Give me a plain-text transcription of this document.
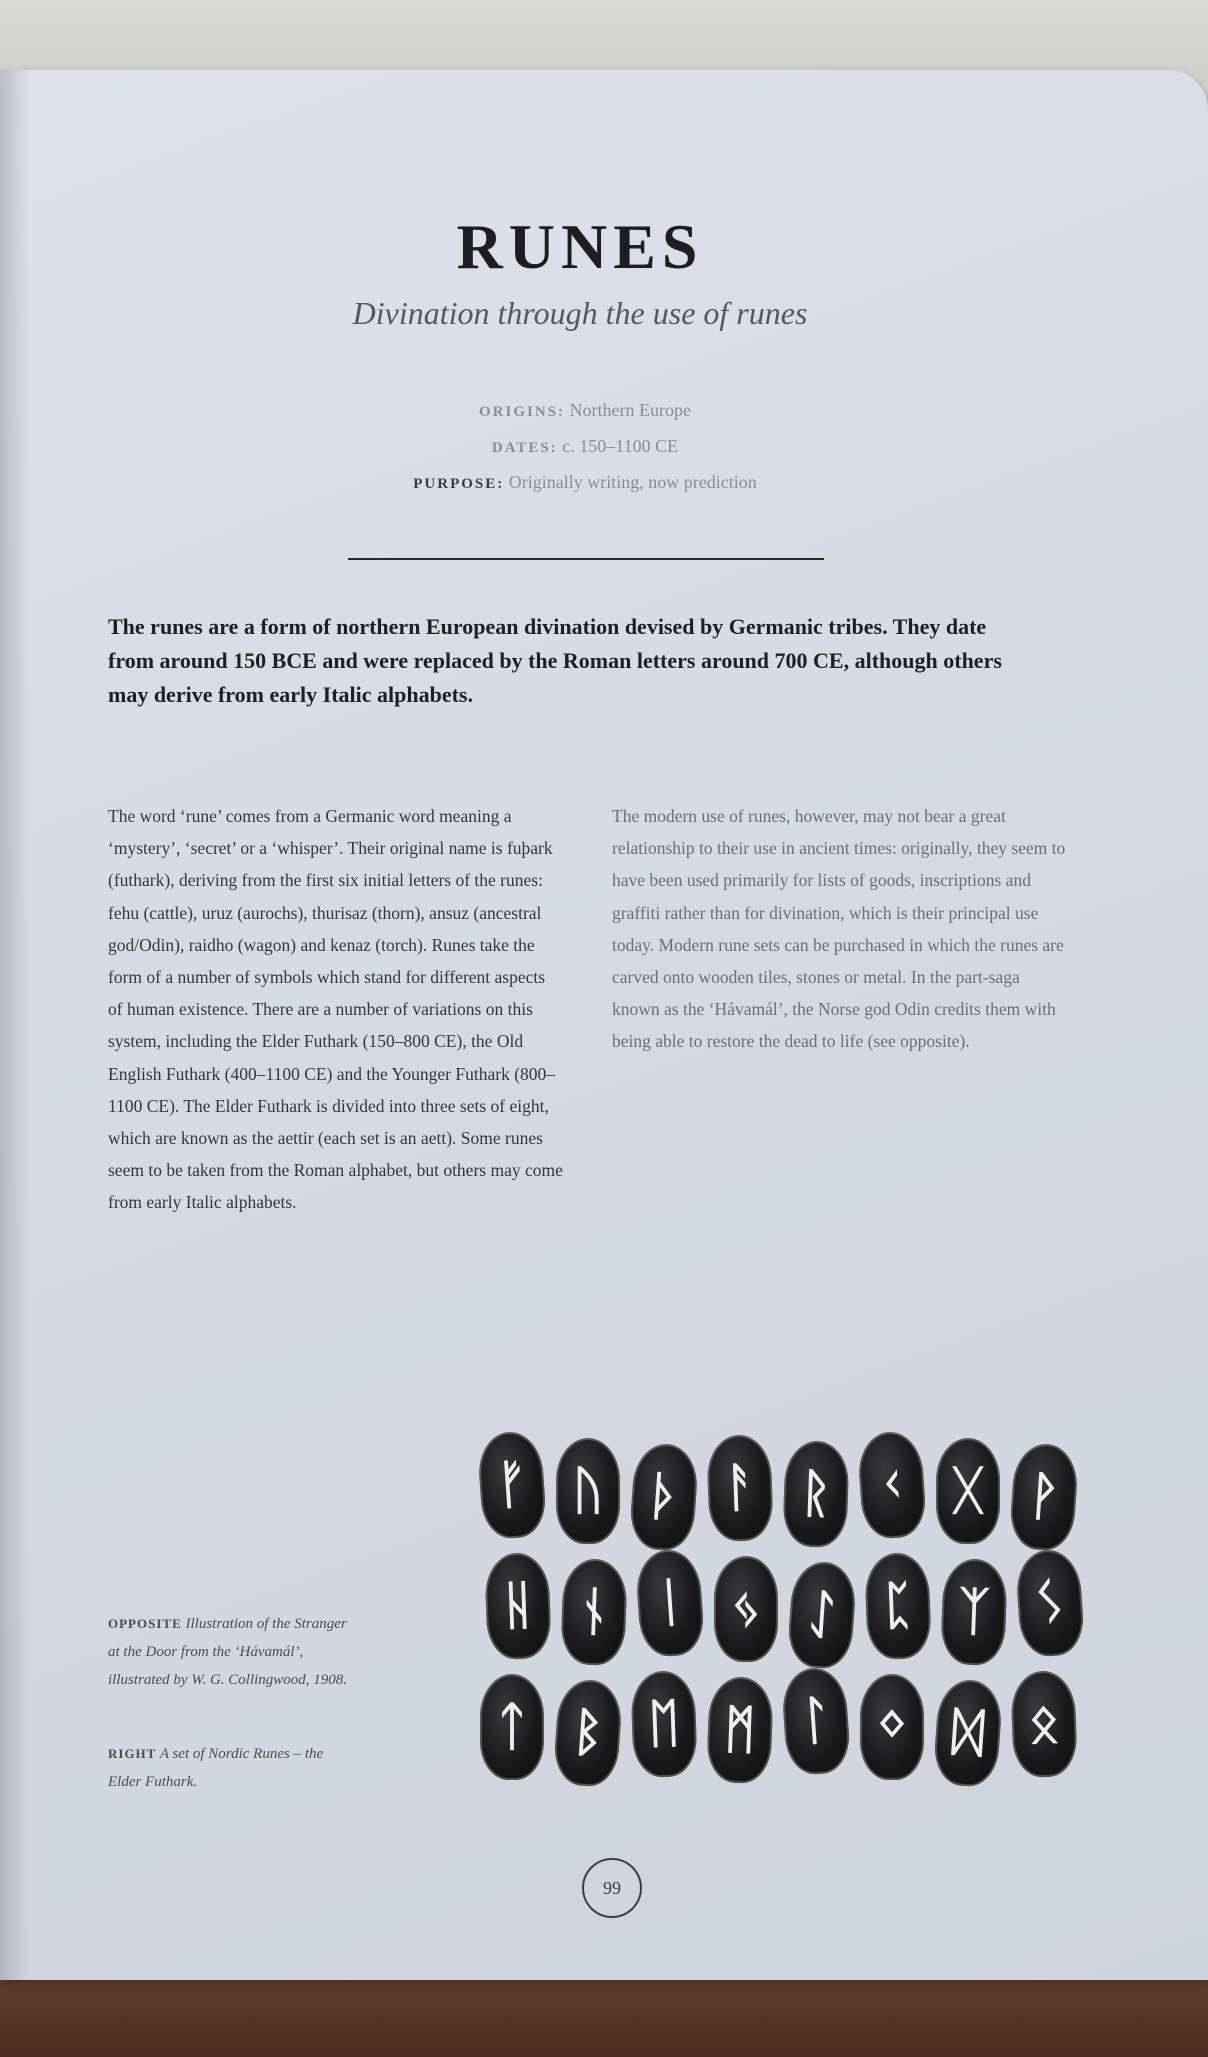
RUNES
Divination through the use of runes
ORIGINS: Northern Europe
DATES: c. 150–1100 CE
PURPOSE: Originally writing, now prediction
The runes are a form of northern European divination devised by Germanic tribes. They date from around 150 BCE and were replaced by the Roman letters around 700 CE, although others may derive from early Italic alphabets.
The word ‘rune’ comes from a Germanic word meaning a ‘mystery’, ‘secret’ or a ‘whisper’. Their original name is fuþark (futhark), deriving from the first six initial letters of the runes: fehu (cattle), uruz (aurochs), thurisaz (thorn), ansuz (ancestral god/Odin), raidho (wagon) and kenaz (torch). Runes take the form of a number of symbols which stand for different aspects of human existence. There are a number of variations on this system, including the Elder Futhark (150–800 CE), the Old English Futhark (400–1100 CE) and the Younger Futhark (800–1100 CE). The Elder Futhark is divided into three sets of eight, which are known as the aettir (each set is an aett). Some runes seem to be taken from the Roman alphabet, but others may come from early Italic alphabets.
The modern use of runes, however, may not bear a great relationship to their use in ancient times: originally, they seem to have been used primarily for lists of goods, inscriptions and graffiti rather than for divination, which is their principal use today. Modern rune sets can be purchased in which the runes are carved onto wooden tiles, stones or metal. In the part-saga known as the ‘Hávamál’, the Norse god Odin credits them with being able to restore the dead to life (see opposite).
OPPOSITE Illustration of the Stranger at the Door from the ‘Hávamál’, illustrated by W. G. Collingwood, 1908.
RIGHT A set of Nordic Runes – the Elder Futhark.
ᚠ ᚢ ᚦ ᚨ ᚱ ᚲ ᚷ ᚹ
ᚺ ᚾ ᛁ ᛃ ᛇ ᛈ ᛉ ᛊ
ᛏ ᛒ ᛖ ᛗ ᛚ ᛜ ᛞ ᛟ
99
